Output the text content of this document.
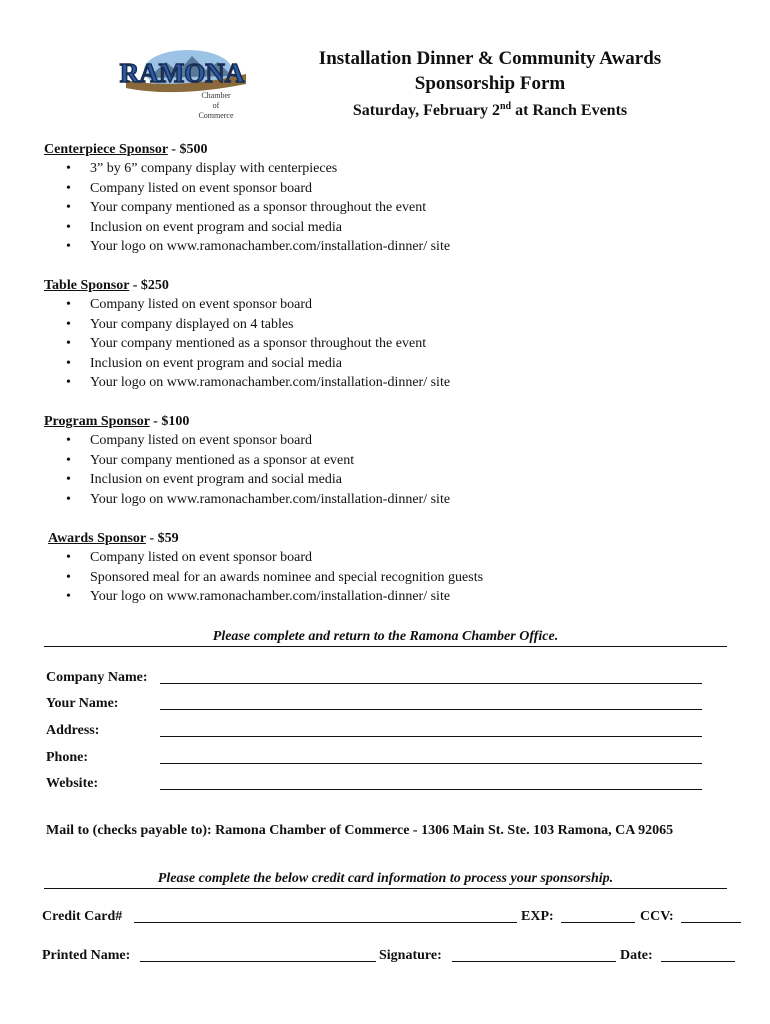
RAMONA
Chamber
of
Commerce
Installation Dinner & Community Awards
Sponsorship Form
Saturday, February 2nd at Ranch Events
Centerpiece Sponsor - $500
• 3” by 6” company display with centerpieces
• Company listed on event sponsor board
• Your company mentioned as a sponsor throughout the event
• Inclusion on event program and social media
• Your logo on www.ramonachamber.com/installation-dinner/ site
Table Sponsor - $250
• Company listed on event sponsor board
• Your company displayed on 4 tables
• Your company mentioned as a sponsor throughout the event
• Inclusion on event program and social media
• Your logo on www.ramonachamber.com/installation-dinner/ site
Program Sponsor - $100
• Company listed on event sponsor board
• Your company mentioned as a sponsor at event
• Inclusion on event program and social media
• Your logo on www.ramonachamber.com/installation-dinner/ site
Awards Sponsor - $59
• Company listed on event sponsor board
• Sponsored meal for an awards nominee and special recognition guests
• Your logo on www.ramonachamber.com/installation-dinner/ site
Please complete and return to the Ramona Chamber Office.
Company Name:
Your Name:
Address:
Phone:
Website:
Mail to (checks payable to): Ramona Chamber of Commerce - 1306 Main St. Ste. 103 Ramona, CA 92065
Please complete the below credit card information to process your sponsorship.
Credit Card#	EXP:	CCV:
Printed Name:	Signature:	Date:
